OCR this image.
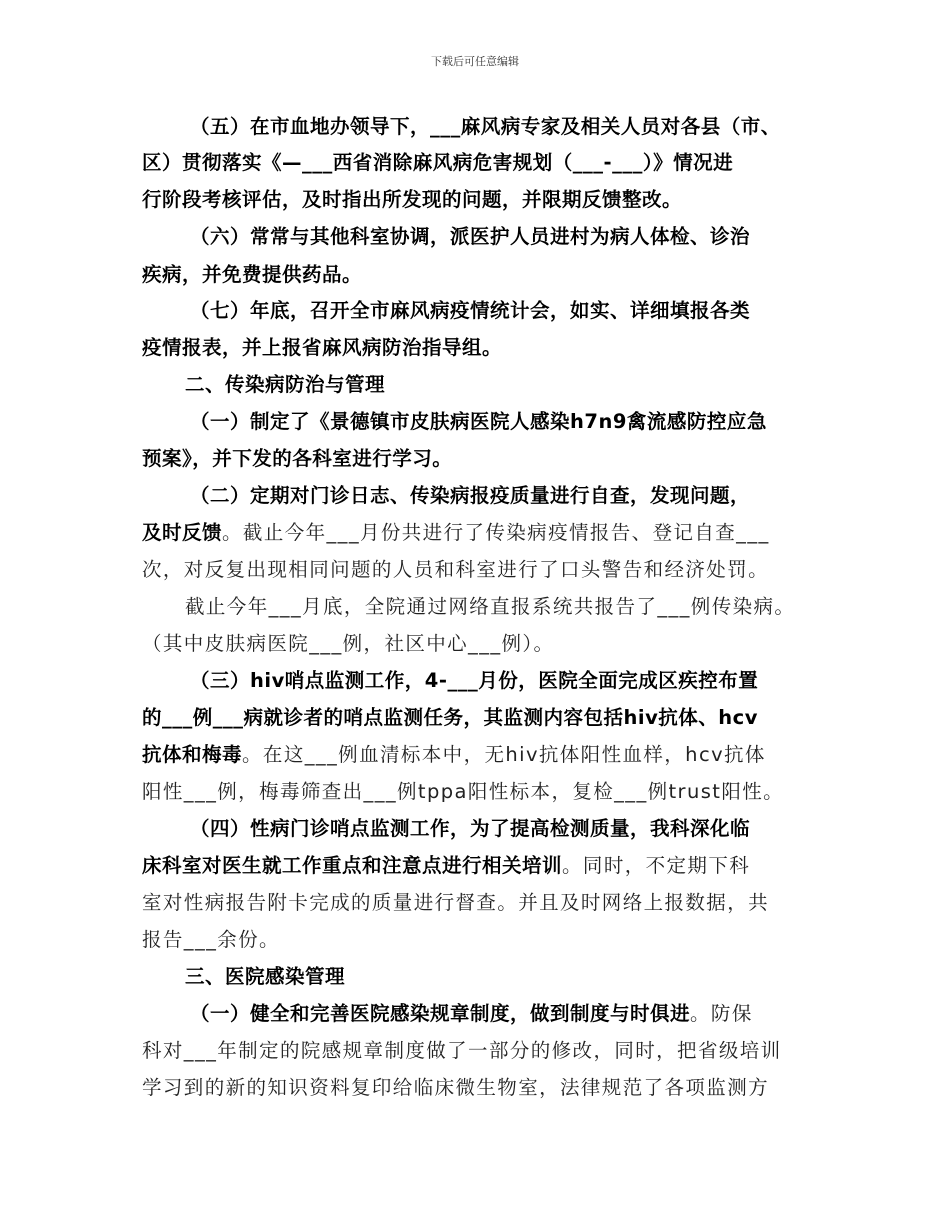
下载后可任意编辑
（五）在市血地办领导下，___麻风病专家及相关人员对各县（市、
区）贯彻落实《—___西省消除麻风病危害规划（___-___）》情况进
行阶段考核评估，及时指出所发现的问题，并限期反馈整改。
（六）常常与其他科室协调，派医护人员进村为病人体检、诊治
疾病，并免费提供药品。
（七）年底，召开全市麻风病疫情统计会，如实、详细填报各类
疫情报表，并上报省麻风病防治指导组。
二、传染病防治与管理
（一）制定了《景德镇市皮肤病医院人感染h7n9禽流感防控应急
预案》，并下发的各科室进行学习。
（二）定期对门诊日志、传染病报疫质量进行自查，发现问题，
及时反馈。截止今年___月份共进行了传染病疫情报告、登记自查___
次，对反复出现相同问题的人员和科室进行了口头警告和经济处罚。
截止今年___月底，全院通过网络直报系统共报告了___例传染病。
（其中皮肤病医院___例，社区中心___例）。
（三）hiv哨点监测工作，4-___月份，医院全面完成区疾控布置
的___例___病就诊者的哨点监测任务，其监测内容包括hiv抗体、hcv
抗体和梅毒。在这___例血清标本中，无hiv抗体阳性血样，hcv抗体
阳性___例，梅毒筛查出___例tppa阳性标本，复检___例trust阳性。
（四）性病门诊哨点监测工作，为了提高检测质量，我科深化临
床科室对医生就工作重点和注意点进行相关培训。同时，不定期下科
室对性病报告附卡完成的质量进行督查。并且及时网络上报数据，共
报告___余份。
三、医院感染管理
（一）健全和完善医院感染规章制度，做到制度与时俱进。防保
科对___年制定的院感规章制度做了一部分的修改，同时，把省级培训
学习到的新的知识资料复印给临床微生物室，法律规范了各项监测方
